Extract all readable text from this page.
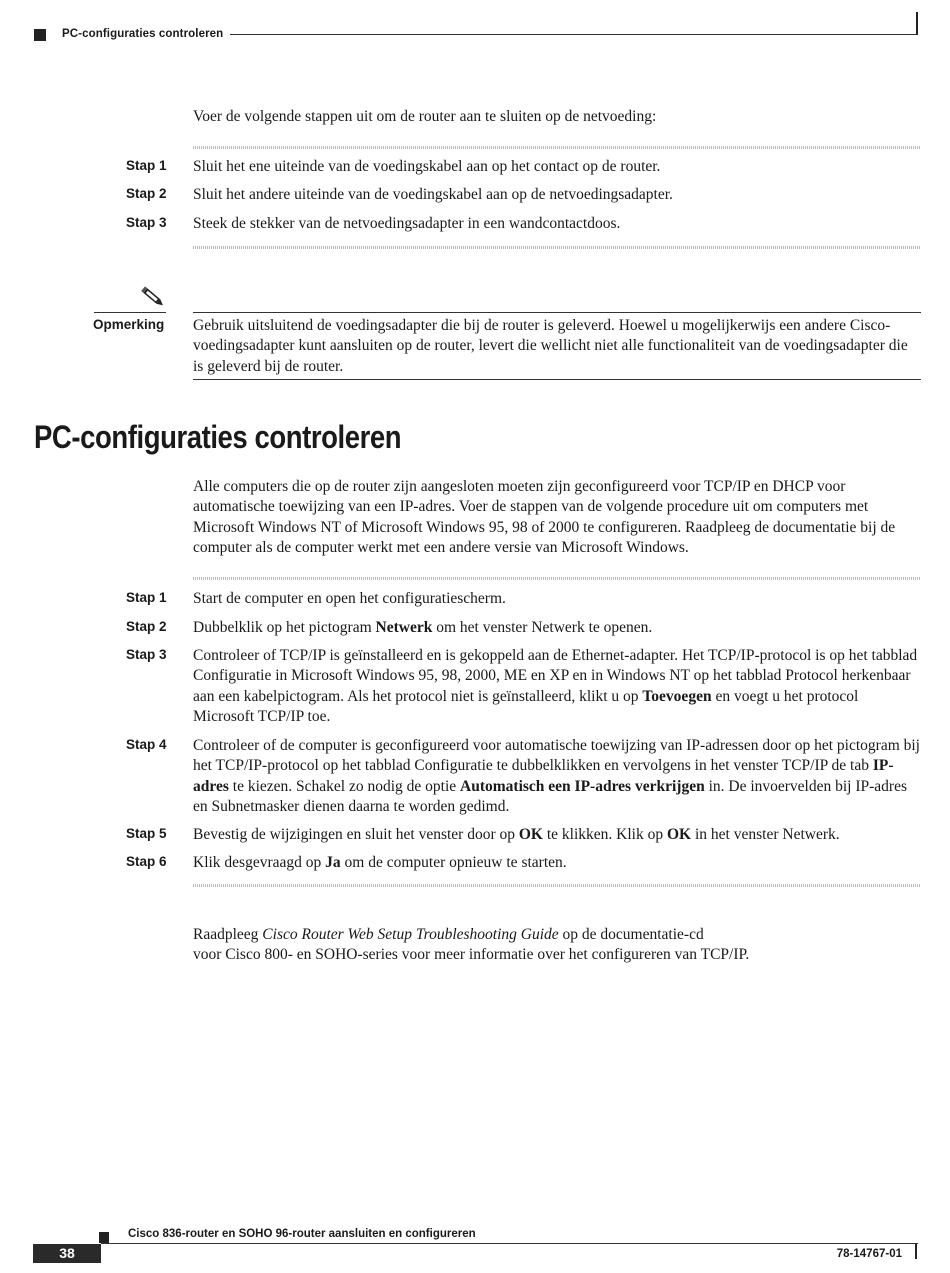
PC-configuraties controleren

Voer de volgende stappen uit om de router aan te sluiten op de netvoeding:

Stap 1	Sluit het ene uiteinde van de voedingskabel aan op het contact op de router.

Stap 2	Sluit het andere uiteinde van de voedingskabel aan op de netvoedingsadapter.

Stap 3	Steek de stekker van de netvoedingsadapter in een wandcontactdoos.

Opmerking Gebruik uitsluitend de voedingsadapter die bij de router is geleverd. Hoewel u mogelijkerwijs een andere Cisco-voedingsadapter kunt aansluiten op de router, levert die wellicht niet alle functionaliteit van de voedingsadapter die is geleverd bij de router.

PC-configuraties controleren

Alle computers die op de router zijn aangesloten moeten zijn geconfigureerd voor TCP/IP en DHCP voor automatische toewijzing van een IP-adres. Voer de stappen van de volgende procedure uit om computers met Microsoft Windows NT of Microsoft Windows 95, 98 of 2000 te configureren. Raadpleeg de documentatie bij de computer als de computer werkt met een andere versie van Microsoft Windows.

Stap 1	Start de computer en open het configuratiescherm.

Stap 2	Dubbelklik op het pictogram Netwerk om het venster Netwerk te openen.

Stap 3	Controleer of TCP/IP is geïnstalleerd en is gekoppeld aan de Ethernet-adapter. Het TCP/IP-protocol is op het tabblad Configuratie in Microsoft Windows 95, 98, 2000, ME en XP en in Windows NT op het tabblad Protocol herkenbaar aan een kabelpictogram. Als het protocol niet is geïnstalleerd, klikt u op Toevoegen en voegt u het protocol Microsoft TCP/IP toe.

Stap 4	Controleer of de computer is geconfigureerd voor automatische toewijzing van IP-adressen door op het pictogram bij het TCP/IP-protocol op het tabblad Configuratie te dubbelklikken en vervolgens in het venster TCP/IP de tab IP- adres te kiezen. Schakel zo nodig de optie Automatisch een IP-adres verkrijgen in. De invoervelden bij IP-adres en Subnetmasker dienen daarna te worden gedimd.

Stap 5	Bevestig de wijzigingen en sluit het venster door op OK te klikken. Klik op OK in het venster Netwerk.

Stap 6	Klik desgevraagd op Ja om de computer opnieuw te starten.

Raadpleeg Cisco Router Web Setup Troubleshooting Guide op de documentatie-cd
voor Cisco 800- en SOHO-series voor meer informatie over het configureren van TCP/IP.

Cisco 836-router en SOHO 96-router aansluiten en configureren
38	78-14767-01
